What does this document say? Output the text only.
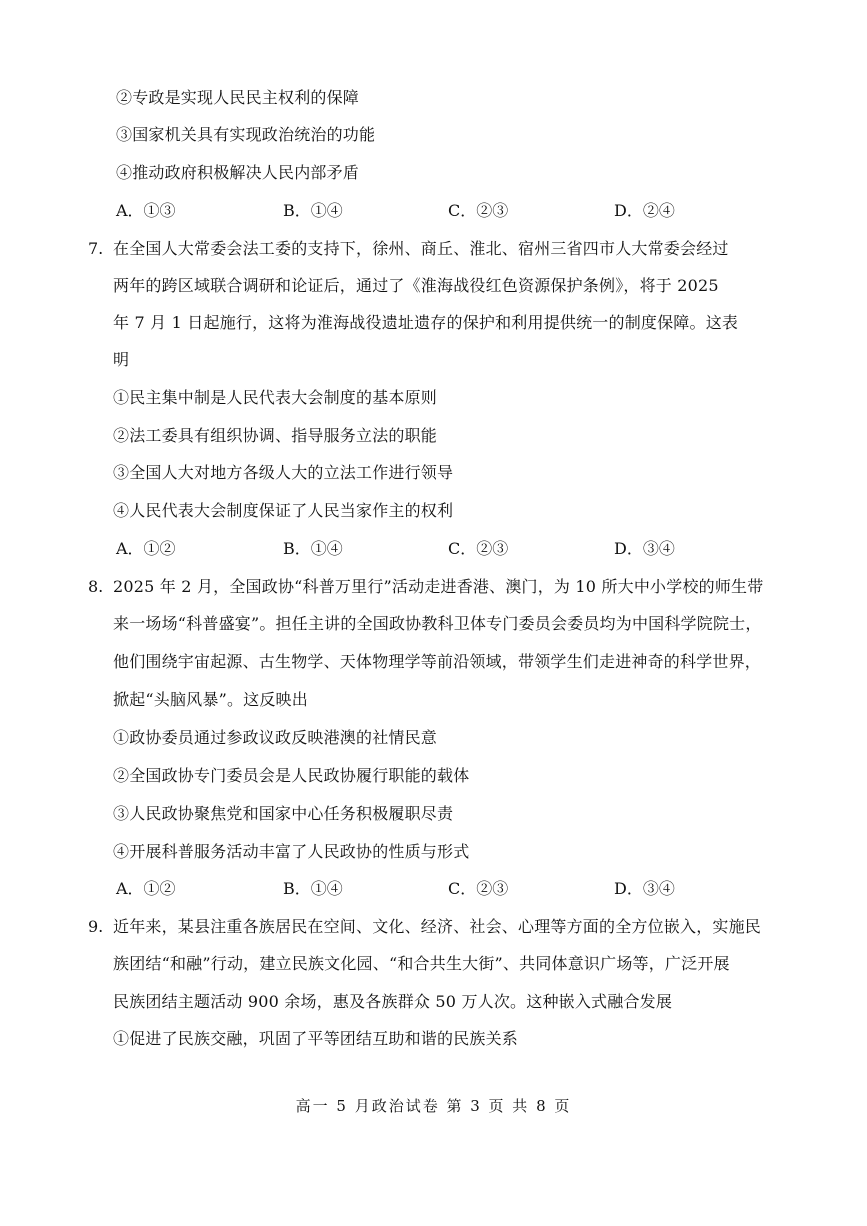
②专政是实现人民民主权利的保障
③国家机关具有实现政治统治的功能
④推动政府积极解决人民内部矛盾
A．①③	B．①④	C．②③	D．②④
7. 在全国人大常委会法工委的支持下，徐州、商丘、淮北、宿州三省四市人大常委会经过
两年的跨区域联合调研和论证后，通过了《淮海战役红色资源保护条例》，将于 2025
年 7 月 1 日起施行，这将为淮海战役遗址遗存的保护和利用提供统一的制度保障。这表
明
①民主集中制是人民代表大会制度的基本原则
②法工委具有组织协调、指导服务立法的职能
③全国人大对地方各级人大的立法工作进行领导
④人民代表大会制度保证了人民当家作主的权利
A．①②	B．①④	C．②③	D．③④
8. 2025 年 2 月，全国政协“科普万里行”活动走进香港、澳门，为 10 所大中小学校的师生带
来一场场“科普盛宴”。担任主讲的全国政协教科卫体专门委员会委员均为中国科学院院士，
他们围绕宇宙起源、古生物学、天体物理学等前沿领域，带领学生们走进神奇的科学世界，
掀起“头脑风暴”。这反映出
①政协委员通过参政议政反映港澳的社情民意
②全国政协专门委员会是人民政协履行职能的载体
③人民政协聚焦党和国家中心任务积极履职尽责
④开展科普服务活动丰富了人民政协的性质与形式
A．①②	B．①④	C．②③	D．③④
9. 近年来，某县注重各族居民在空间、文化、经济、社会、心理等方面的全方位嵌入，实施民
族团结“和融”行动，建立民族文化园、“和合共生大街”、共同体意识广场等，广泛开展
民族团结主题活动 900 余场，惠及各族群众 50 万人次。这种嵌入式融合发展
①促进了民族交融，巩固了平等团结互助和谐的民族关系
高一 5 月政治试卷 第 3 页 共 8 页
